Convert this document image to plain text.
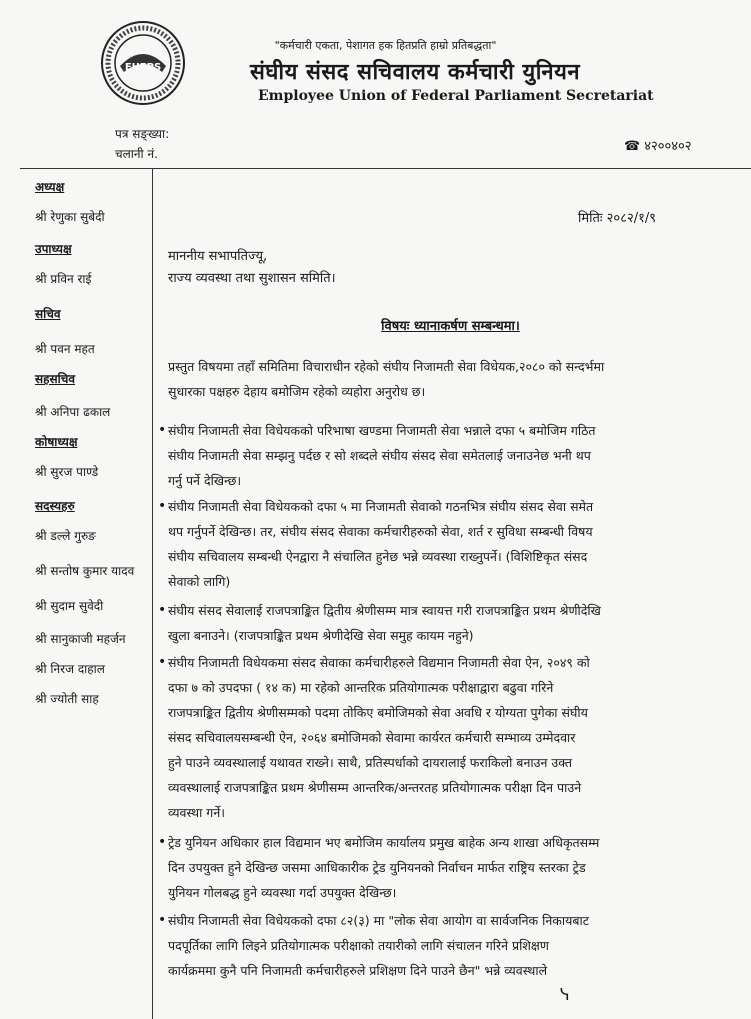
EUFPS
"कर्मचारी एकता, पेशागत हक हितप्रति हाम्रो प्रतिबद्धता"
संघीय संसद सचिवालय कर्मचारी युनियन
Employee Union of Federal Parliament Secretariat
पत्र सङ्ख्या:
चलानी नं.	☎ ४२००४०२
अध्यक्ष
श्री रेणुका सुबेदी
उपाध्यक्ष
श्री प्रविन राई
सचिव
श्री पवन महत
सहसचिव
श्री अनिपा ढकाल
कोषाध्यक्ष
श्री सुरज पाण्डे
सदस्यहरु
श्री डल्ले गुरुङ
श्री सन्तोष कुमार यादव
श्री सुदाम सुवेदी
श्री सानुकाजी महर्जन
श्री निरज दाहाल
श्री ज्योती साह
मितिः २०८२/१/९
माननीय सभापतिज्यू,
राज्य व्यवस्था तथा सुशासन समिति।
विषयः ध्यानाकर्षण सम्बन्धमा।
प्रस्तुत विषयमा तहाँ समितिमा विचाराधीन रहेको संघीय निजामती सेवा विधेयक,२०८० को सन्दर्भमा
सुधारका पक्षहरु देहाय बमोजिम रहेको व्यहोरा अनुरोध छ।
• संघीय निजामती सेवा विधेयकको परिभाषा खण्डमा निजामती सेवा भन्नाले दफा ५ बमोजिम गठित
संघीय निजामती सेवा सम्झनु पर्दछ र सो शब्दले संघीय संसद सेवा समेतलाई जनाउनेछ भनी थप
गर्नु पर्ने देखिन्छ।
• संघीय निजामती सेवा विधेयकको दफा ५ मा निजामती सेवाको गठनभित्र संघीय संसद सेवा समेत
थप गर्नुपर्ने देखिन्छ। तर, संघीय संसद सेवाका कर्मचारीहरुको सेवा, शर्त र सुविधा सम्बन्धी विषय
संघीय सचिवालय सम्बन्धी ऐनद्वारा नै संचालित हुनेछ भन्ने व्यवस्था राख्नुपर्ने। (विशिष्टिकृत संसद
सेवाको लागि)
• संघीय संसद सेवालाई राजपत्राङ्कित द्वितीय श्रेणीसम्म मात्र स्वायत्त गरी राजपत्राङ्कित प्रथम श्रेणीदेखि
खुला बनाउने। (राजपत्राङ्कित प्रथम श्रेणीदेखि सेवा समुह कायम नहुने)
• संघीय निजामती विधेयकमा संसद सेवाका कर्मचारीहरुले विद्यमान निजामती सेवा ऐन, २०४९ को
दफा ७ को उपदफा ( १४ क) मा रहेको आन्तरिक प्रतियोगात्मक परीक्षाद्वारा बढुवा गरिने
राजपत्राङ्कित द्वितीय श्रेणीसम्मको पदमा तोकिए बमोजिमको सेवा अवधि र योग्यता पुगेका संघीय
संसद सचिवालयसम्बन्धी ऐन, २०६४ बमोजिमको सेवामा कार्यरत कर्मचारी सम्भाव्य उम्मेदवार
हुने पाउने व्यवस्थालाई यथावत राख्ने। साथै, प्रतिस्पर्धाको दायरालाई फराकिलो बनाउन उक्त
व्यवस्थालाई राजपत्राङ्कित प्रथम श्रेणीसम्म आन्तरिक/अन्तरतह प्रतियोगात्मक परीक्षा दिन पाउने
व्यवस्था गर्ने।
• ट्रेड युनियन अधिकार हाल विद्यमान भए बमोजिम कार्यालय प्रमुख बाहेक अन्य शाखा अधिकृतसम्म
दिन उपयुक्त हुने देखिन्छ जसमा आधिकारीक ट्रेड युनियनको निर्वाचन मार्फत राष्ट्रिय स्तरका ट्रेड
युनियन गोलबद्ध हुने व्यवस्था गर्दा उपयुक्त देखिन्छ।
• संघीय निजामती सेवा विधेयकको दफा ८२(३) मा "लोक सेवा आयोग वा सार्वजनिक निकायबाट
पदपूर्तिका लागि लिइने प्रतियोगात्मक परीक्षाको तयारीको लागि संचालन गरिने प्रशिक्षण
कार्यक्रममा कुनै पनि निजामती कर्मचारीहरुले प्रशिक्षण दिने पाउने छैन" भन्ने व्यवस्थाले
ᓭ
